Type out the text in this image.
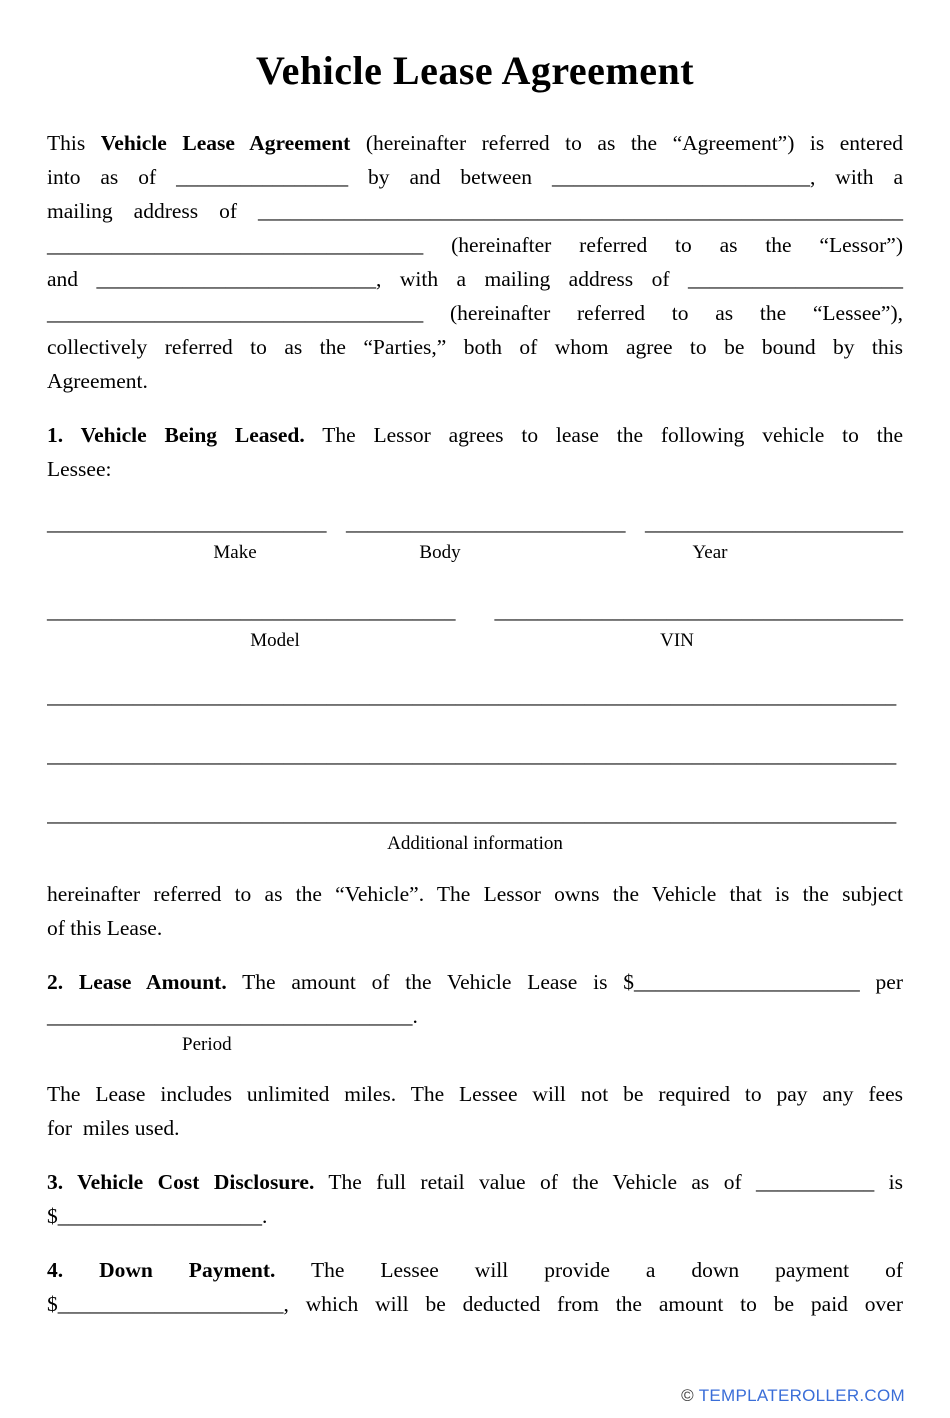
Vehicle Lease Agreement
This Vehicle Lease Agreement (hereinafter referred to as the “Agreement”) is entered
into as of ________________ by and between ________________________, with a
mailing address of ____________________________________________________________
___________________________________ (hereinafter referred to as the “Lessor”)
and __________________________, with a mailing address of ____________________
___________________________________ (hereinafter referred to as the “Lessee”),
collectively referred to as the “Parties,” both of whom agree to be bound by this
Agreement.
1. Vehicle Being Leased. The Lessor agrees to lease the following vehicle to the
Lessee:
__________________________ __________________________ ________________________
Make	Body	Year
______________________________________ ______________________________________
Model	VIN
_______________________________________________________________________________
_______________________________________________________________________________
_______________________________________________________________________________
Additional information
hereinafter referred to as the “Vehicle”. The Lessor owns the Vehicle that is the subject
of this Lease.
2. Lease Amount. The amount of the Vehicle Lease is $_____________________ per
__________________________________.
Period
The Lease includes unlimited miles. The Lessee will not be required to pay any fees
for  miles used.
3. Vehicle Cost Disclosure. The full retail value of the Vehicle as of ___________ is
$___________________.
4. Down Payment. The Lessee will provide a down payment of
$_____________________, which will be deducted from the amount to be paid over
© TEMPLATEROLLER.COM
